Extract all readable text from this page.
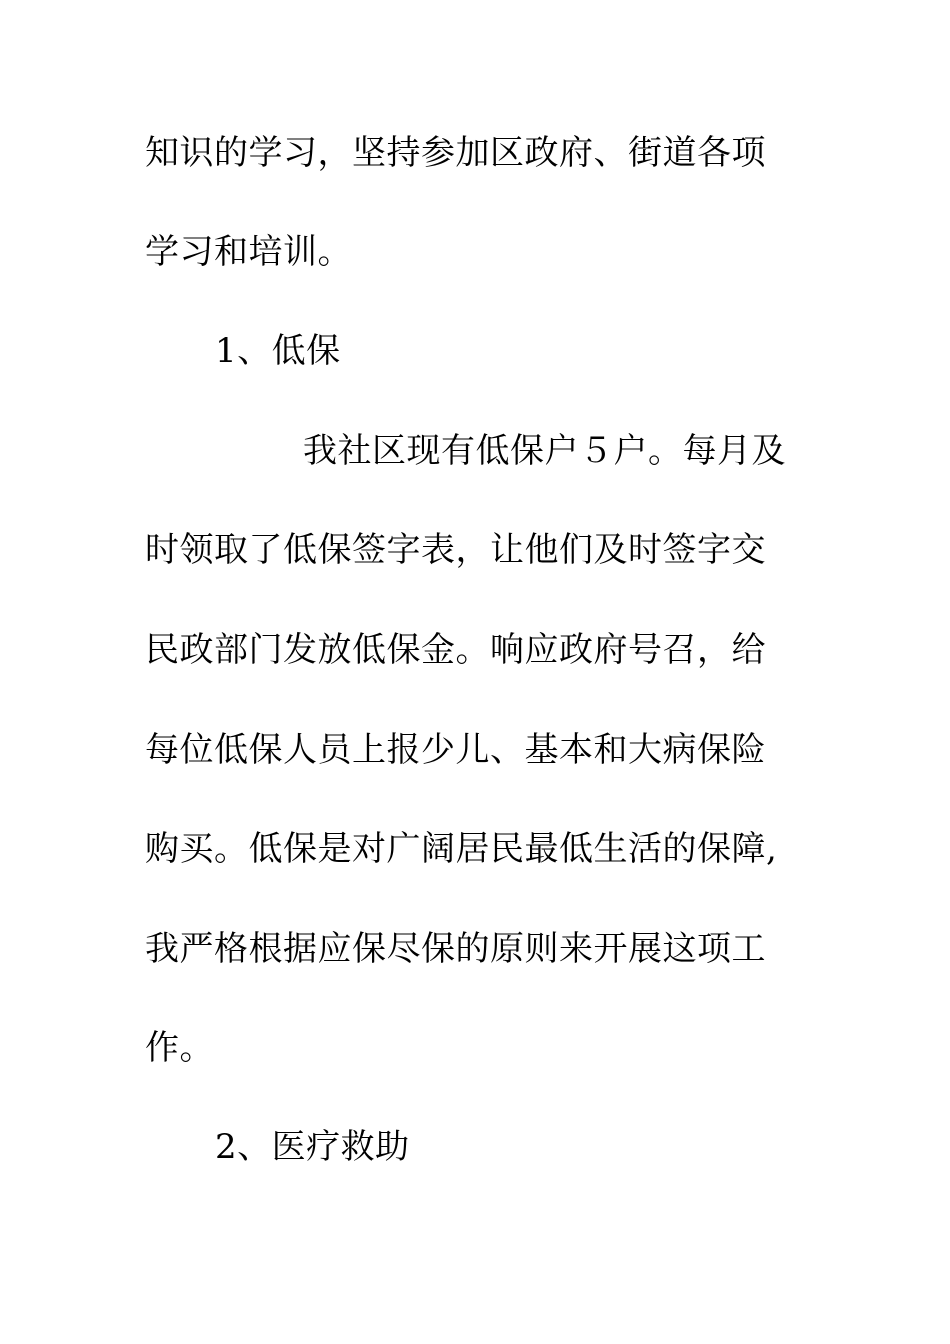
知识的学习，坚持参加区政府、街道各项
学习和培训。
1、低保
我社区现有低保户５户。每月及
时领取了低保签字表，让他们及时签字交
民政部门发放低保金。响应政府号召，给
每位低保人员上报少儿、基本和大病保险
购买。低保是对广阔居民最低生活的保障,
我严格根据应保尽保的原则来开展这项工
作。
2、医疗救助
